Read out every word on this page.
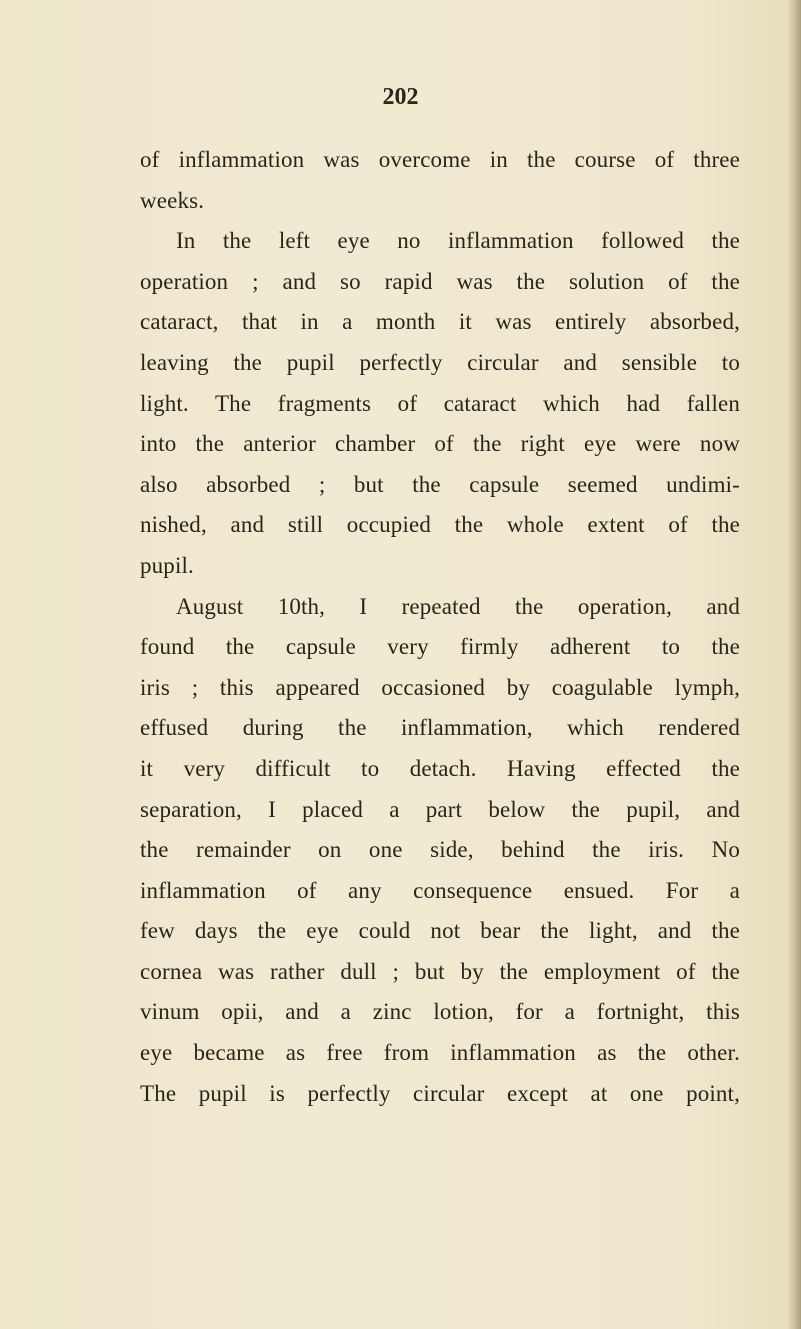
202

of inflammation was overcome in the course of three
weeks.
In the left eye no inflammation followed the
operation ; and so rapid was the solution of the
cataract, that in a month it was entirely absorbed,
leaving the pupil perfectly circular and sensible to
light. The fragments of cataract which had fallen
into the anterior chamber of the right eye were now
also absorbed ; but the capsule seemed undimi-
nished, and still occupied the whole extent of the
pupil.
August 10th, I repeated the operation, and
found the capsule very firmly adherent to the
iris ; this appeared occasioned by coagulable lymph,
effused during the inflammation, which rendered
it very difficult to detach. Having effected the
separation, I placed a part below the pupil, and
the remainder on one side, behind the iris. No
inflammation of any consequence ensued. For a
few days the eye could not bear the light, and the
cornea was rather dull ; but by the employment of the
vinum opii, and a zinc lotion, for a fortnight, this
eye became as free from inflammation as the other.
The pupil is perfectly circular except at one point,
